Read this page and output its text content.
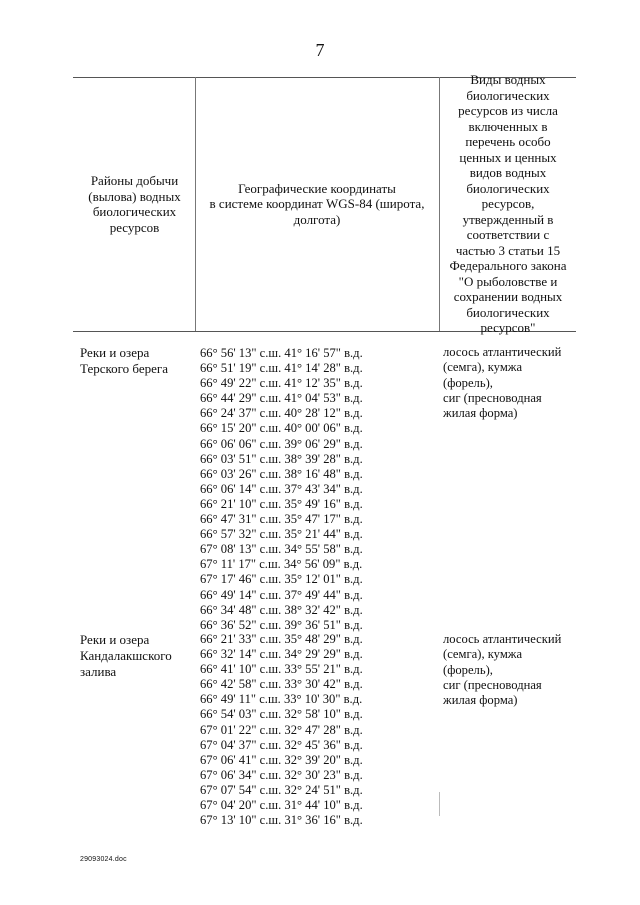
7
Районы добычи
(вылова) водных
биологических
ресурсов
Географические координаты
в системе координат WGS-84 (широта,
долгота)
Виды водных
биологических
ресурсов из числа
включенных в
перечень особо
ценных и ценных
видов водных
биологических
ресурсов,
утвержденный в
соответствии с
частью 3 статьи 15
Федерального закона
"О рыболовстве и
сохранении водных
биологических
ресурсов"
Реки и озера
Терского берега
66° 56' 13" с.ш. 41° 16' 57" в.д.
66° 51' 19" с.ш. 41° 14' 28" в.д.
66° 49' 22" с.ш. 41° 12' 35" в.д.
66° 44' 29" с.ш. 41° 04' 53" в.д.
66° 24' 37" с.ш. 40° 28' 12" в.д.
66° 15' 20" с.ш. 40° 00' 06" в.д.
66° 06' 06" с.ш. 39° 06' 29" в.д.
66° 03' 51" с.ш. 38° 39' 28" в.д.
66° 03' 26" с.ш. 38° 16' 48" в.д.
66° 06' 14" с.ш. 37° 43' 34" в.д.
66° 21' 10" с.ш. 35° 49' 16" в.д.
66° 47' 31" с.ш. 35° 47' 17" в.д.
66° 57' 32" с.ш. 35° 21' 44" в.д.
67° 08' 13" с.ш. 34° 55' 58" в.д.
67° 11' 17" с.ш. 34° 56' 09" в.д.
67° 17' 46" с.ш. 35° 12' 01" в.д.
66° 49' 14" с.ш. 37° 49' 44" в.д.
66° 34' 48" с.ш. 38° 32' 42" в.д.
66° 36' 52" с.ш. 39° 36' 51" в.д.
лосось атлантический
(семга), кумжа
(форель),
сиг (пресноводная
жилая форма)
Реки и озера
Кандалакшского
залива
66° 21' 33" с.ш. 35° 48' 29" в.д.
66° 32' 14" с.ш. 34° 29' 29" в.д.
66° 41' 10" с.ш. 33° 55' 21" в.д.
66° 42' 58" с.ш. 33° 30' 42" в.д.
66° 49' 11" с.ш. 33° 10' 30" в.д.
66° 54' 03" с.ш. 32° 58' 10" в.д.
67° 01' 22" с.ш. 32° 47' 28" в.д.
67° 04' 37" с.ш. 32° 45' 36" в.д.
67° 06' 41" с.ш. 32° 39' 20" в.д.
67° 06' 34" с.ш. 32° 30' 23" в.д.
67° 07' 54" с.ш. 32° 24' 51" в.д.
67° 04' 20" с.ш. 31° 44' 10" в.д.
67° 13' 10" с.ш. 31° 36' 16" в.д.
лосось атлантический
(семга), кумжа
(форель),
сиг (пресноводная
жилая форма)
29093024.doc
